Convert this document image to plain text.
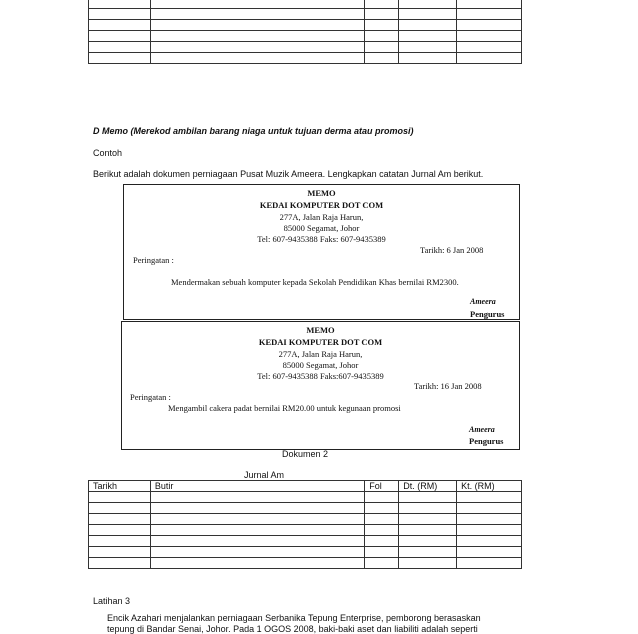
D Memo (Merekod ambilan barang niaga untuk tujuan derma atau promosi)
Contoh
Berikut adalah dokumen perniagaan Pusat Muzik Ameera. Lengkapkan catatan Jurnal Am berikut.
MEMO
KEDAI KOMPUTER DOT COM
277A, Jalan Raja Harun,
85000 Segamat, Johor
Tel: 607-9435388 Faks: 607-9435389
Tarikh: 6 Jan 2008
Peringatan :
Mendermakan sebuah komputer kepada Sekolah Pendidikan Khas bernilai RM2300.
Ameera
Pengurus
MEMO
KEDAI KOMPUTER DOT COM
277A, Jalan Raja Harun,
85000 Segamat, Johor
Tel: 607-9435388 Faks:607-9435389
Tarikh: 16 Jan 2008
Peringatan :
Mengambil cakera padat bernilai RM20.00 untuk kegunaan promosi
Ameera
Pengurus
Dokumen 2
Jurnal Am
Tarikh	Butir	Fol	Dt. (RM)	Kt. (RM)

Latihan 3
Encik Azahari menjalankan perniagaan Serbanika Tepung Enterprise, pemborong berasaskan
tepung di Bandar Senai, Johor. Pada 1 OGOS 2008, baki-baki aset dan liabiliti adalah seperti
